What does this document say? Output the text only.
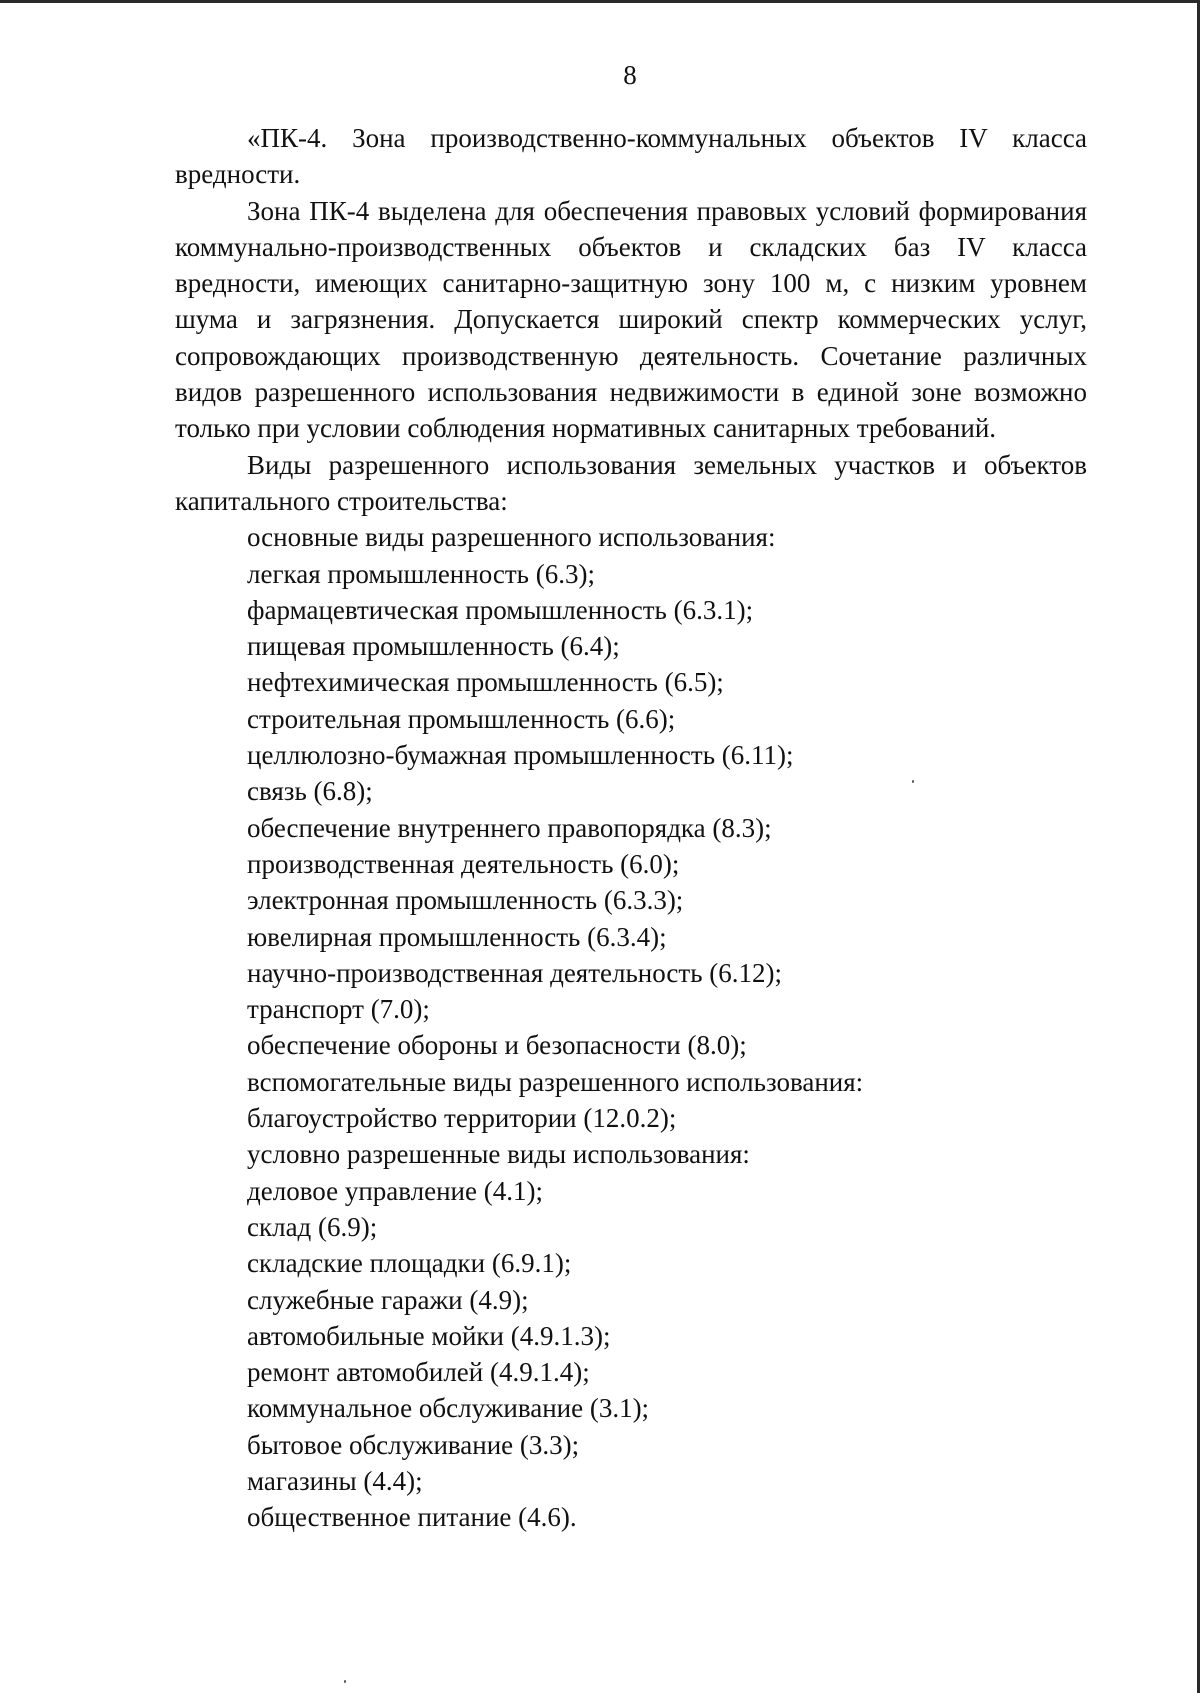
8

«ПК-4. Зона производственно-коммунальных объектов IV класса вредности.

Зона ПК-4 выделена для обеспечения правовых условий формирования коммунально-производственных объектов и складских баз IV класса вредности, имеющих санитарно-защитную зону 100 м, с низким уровнем шума и загрязнения. Допускается широкий спектр коммерческих услуг, сопровождающих производственную деятельность. Сочетание различных видов разрешенного использования недвижимости в единой зоне возможно только при условии соблюдения нормативных санитарных требований.

Виды разрешенного использования земельных участков и объектов капитального строительства:

основные виды разрешенного использования:
легкая промышленность (6.3);
фармацевтическая промышленность (6.3.1);
пищевая промышленность (6.4);
нефтехимическая промышленность (6.5);
строительная промышленность (6.6);
целлюлозно-бумажная промышленность (6.11);
связь (6.8);
обеспечение внутреннего правопорядка (8.3);
производственная деятельность (6.0);
электронная промышленность (6.3.3);
ювелирная промышленность (6.3.4);
научно-производственная деятельность (6.12);
транспорт (7.0);
обеспечение обороны и безопасности (8.0);
вспомогательные виды разрешенного использования:
благоустройство территории (12.0.2);
условно разрешенные виды использования:
деловое управление (4.1);
склад (6.9);
складские площадки (6.9.1);
служебные гаражи (4.9);
автомобильные мойки (4.9.1.3);
ремонт автомобилей (4.9.1.4);
коммунальное обслуживание (3.1);
бытовое обслуживание (3.3);
магазины (4.4);
общественное питание (4.6).
